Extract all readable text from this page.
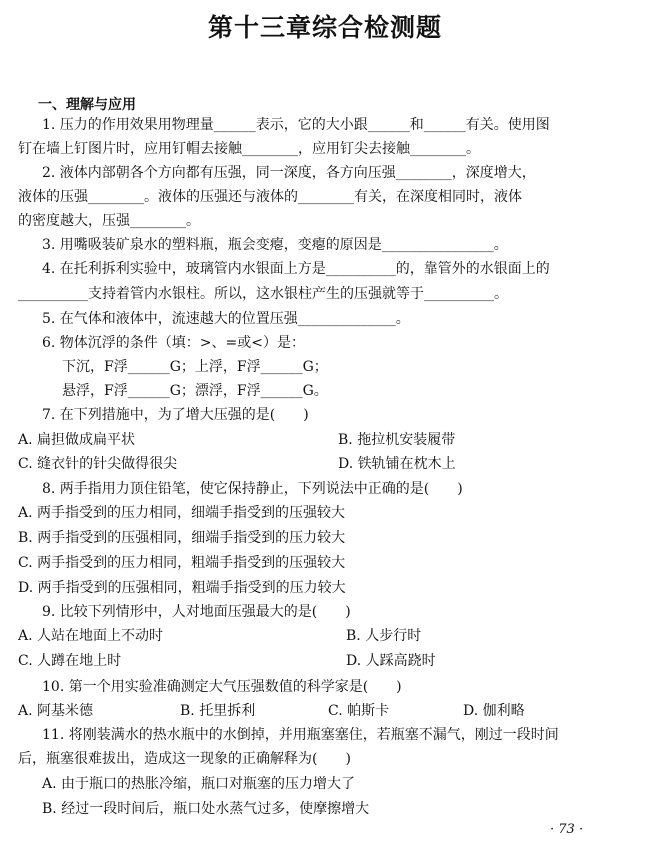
第十三章综合检测题
一、理解与应用
1. 压力的作用效果用物理量______表示，它的大小跟______和______有关。使用图
钉在墙上钉图片时，应用钉帽去接触________，应用钉尖去接触________。
2. 液体内部朝各个方向都有压强，同一深度，各方向压强________，深度增大，
液体的压强________。液体的压强还与液体的________有关，在深度相同时，液体
的密度越大，压强________。
3. 用嘴吸装矿泉水的塑料瓶，瓶会变瘪，变瘪的原因是________________。
4. 在托利拆利实验中，玻璃管内水银面上方是__________的，靠管外的水银面上的
__________支持着管内水银柱。所以，这水银柱产生的压强就等于__________。
5. 在气体和液体中，流速越大的位置压强______________。
6. 物体沉浮的条件（填：>、=或<）是：
下沉，F浮______G；上浮，F浮______G；
悬浮，F浮______G；漂浮，F浮______G。
7. 在下列措施中，为了增大压强的是(　　)
8. 两手指用力顶住铅笔，使它保持静止，下列说法中正确的是(　　)
A. 两手指受到的压力相同，细端手指受到的压强较大
B. 两手指受到的压强相同，细端手指受到的压力较大
C. 两手指受到的压力相同，粗端手指受到的压强较大
D. 两手指受到的压强相同，粗端手指受到的压力较大
9. 比较下列情形中，人对地面压强最大的是(　　)
10. 第一个用实验准确测定大气压强数值的科学家是(　　)
11. 将刚装满水的热水瓶中的水倒掉，并用瓶塞塞住，若瓶塞不漏气，刚过一段时间
后，瓶塞很难拔出，造成这一现象的正确解释为(　　)
A. 由于瓶口的热胀冷缩，瓶口对瓶塞的压力增大了
B. 经过一段时间后，瓶口处水蒸气过多，使摩擦增大
A. 扁担做成扁平状	B. 拖拉机安装履带
C. 缝衣针的针尖做得很尖	D. 铁轨铺在枕木上
A. 人站在地面上不动时	B. 人步行时
C. 人蹲在地上时	D. 人踩高跷时
A. 阿基米德	B. 托里拆利	C. 帕斯卡	D. 伽利略
· 73 ·
